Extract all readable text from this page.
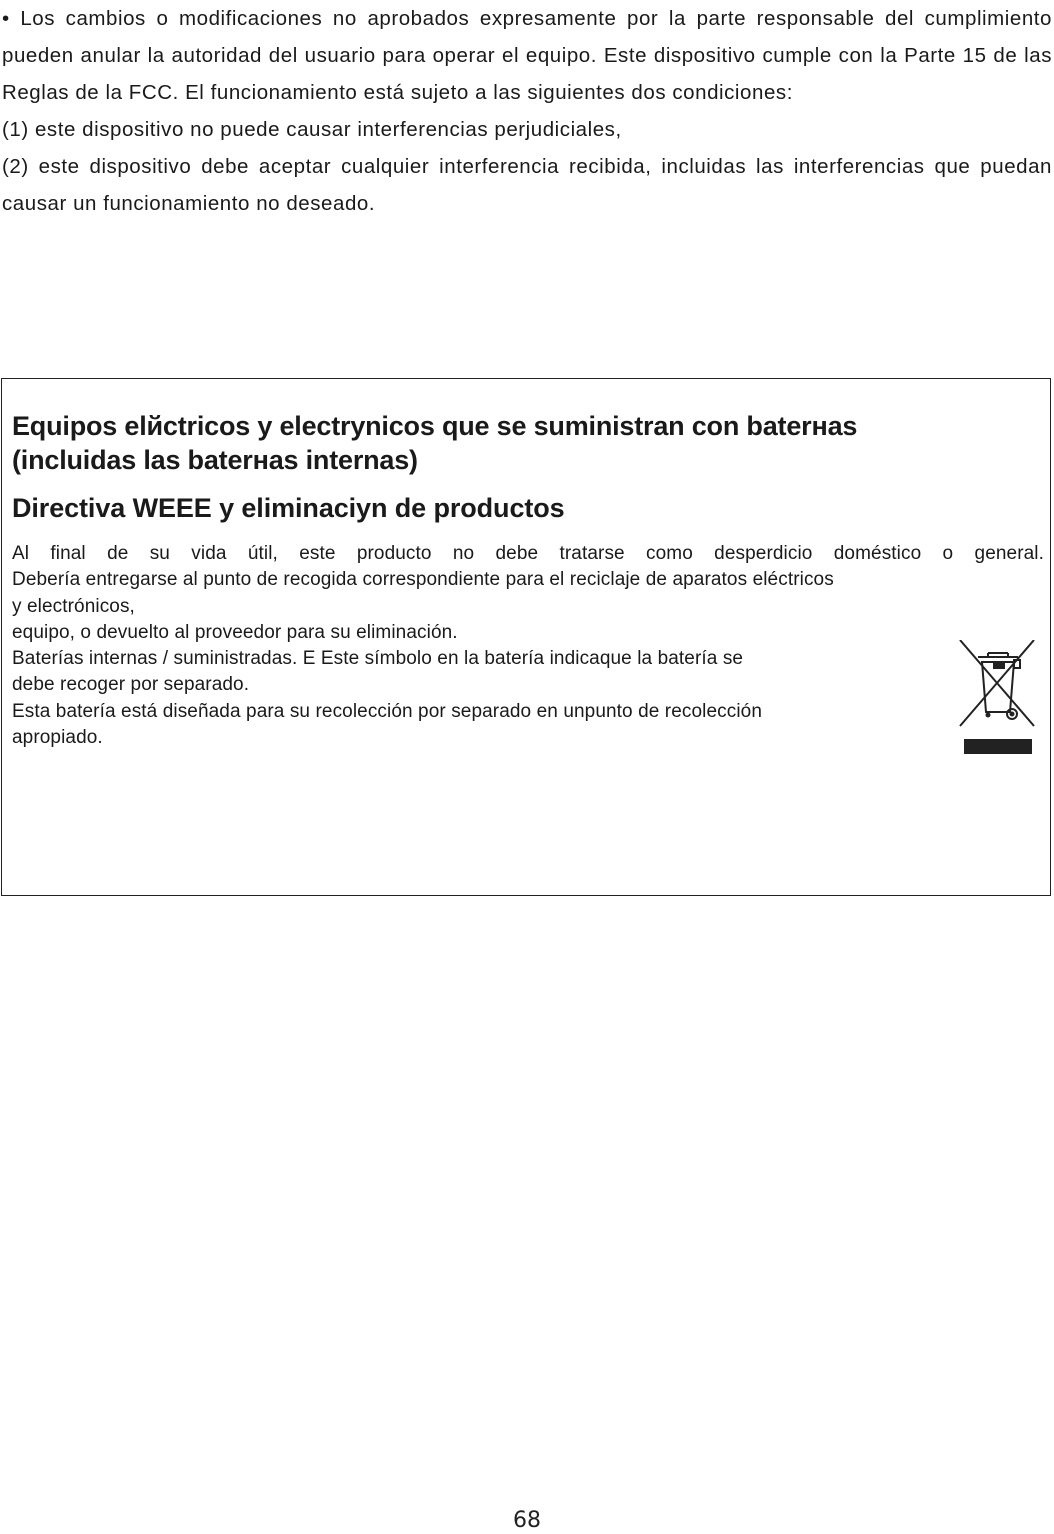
• Los cambios o modificaciones no aprobados expresamente por la parte responsable del cumplimiento pueden anular la autoridad del usuario para operar el equipo. Este dispositivo cumple con la Parte 15 de las Reglas de la FCC. El funcionamiento está sujeto a las siguientes dos condiciones:

(1) este dispositivo no puede causar interferencias perjudiciales,

(2) este dispositivo debe aceptar cualquier interferencia recibida, incluidas las interferencias que puedan causar un funcionamiento no deseado.

Equipos elйctricos y electrynicos que se suministran con baterнas
(incluidas las baterнas internas)
Directiva WEEE y eliminaciyn de productos
Al final de su vida útil, este producto no debe tratarse como desperdicio doméstico o general.
Debería entregarse al punto de recogida correspondiente para el reciclaje de aparatos eléctricos
y electrónicos,
equipo, o devuelto al proveedor para su eliminación.
Baterías internas / suministradas. E Este símbolo en la batería indicaque la batería se
debe recoger por separado.
Esta batería está diseñada para su recolección por separado en unpunto de recolección
apropiado.
68
